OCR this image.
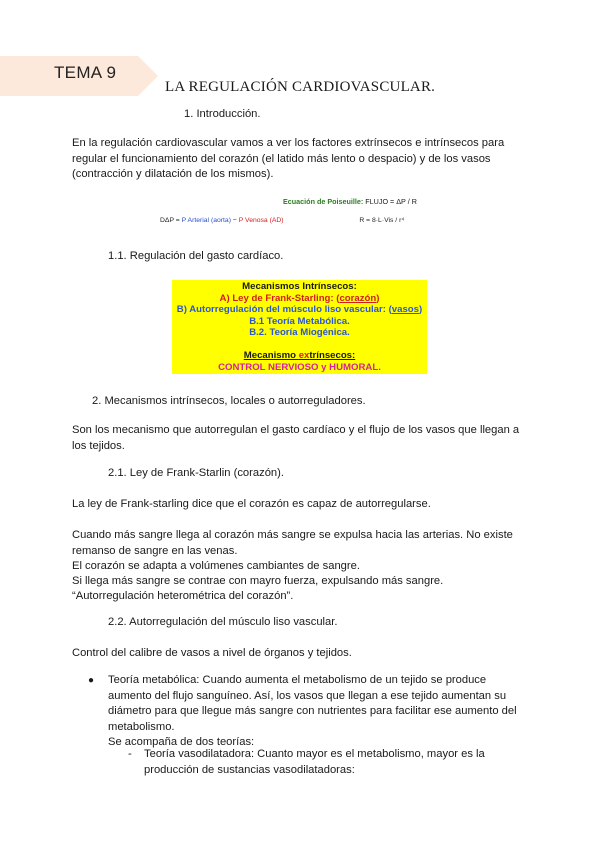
TEMA 9
LA REGULACIÓN CARDIOVASCULAR.
1. Introducción.
En la regulación cardiovascular vamos a ver los factores extrínsecos e intrínsecos para regular el funcionamiento del corazón (el latido más lento o despacio) y de los vasos (contracción y dilatación de los mismos).
Ecuación de Poiseuille: FLUJO = ΔP / R
DΔP = P Arterial (aorta) − P Venosa (AD)	R = 8·L·Vis / r⁴
1.1. Regulación del gasto cardíaco.
Mecanismos Intrínsecos:
A) Ley de Frank-Starling: (corazón)
B) Autorregulación del músculo liso vascular: (vasos)
B.1 Teoría Metabólica.
B.2. Teoría Miogénica.
Mecanismo extrínsecos:
CONTROL NERVIOSO y HUMORAL.
2. Mecanismos intrínsecos, locales o autorreguladores.
Son los mecanismo que autorregulan el gasto cardíaco y el flujo de los vasos que llegan a los tejidos.
2.1. Ley de Frank-Starlin (corazón).
La ley de Frank-starling dice que el corazón es capaz de autorregularse.
Cuando más sangre llega al corazón más sangre se expulsa hacia las arterias. No existe remanso de sangre en las venas.
El corazón se adapta a volúmenes cambiantes de sangre.
Si llega más sangre se contrae con mayro fuerza, expulsando más sangre.
“Autorregulación heterométrica del corazón”.
2.2. Autorregulación del músculo liso vascular.
Control del calibre de vasos a nivel de órganos y tejidos.
● Teoría metabólica: Cuando aumenta el metabolismo de un tejido se produce aumento del flujo sanguíneo. Así, los vasos que llegan a ese tejido aumentan su diámetro para que llegue más sangre con nutrientes para facilitar ese aumento del metabolismo.
Se acompaña de dos teorías:
- Teoría vasodilatadora: Cuanto mayor es el metabolismo, mayor es la producción de sustancias vasodilatadoras:
